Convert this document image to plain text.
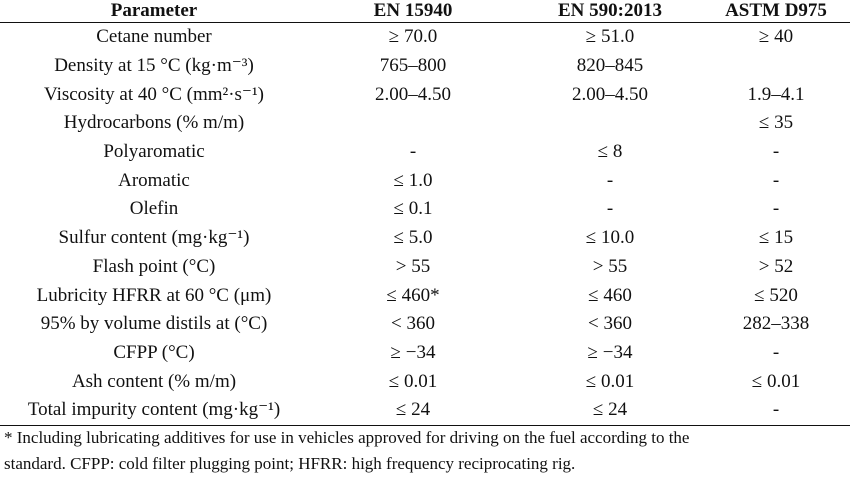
Parameter	EN 15940	EN 590:2013	ASTM D975
Cetane number	≥ 70.0	≥ 51.0	≥ 40
Density at 15 °C (kg·m⁻³)	765–800	820–845	
Viscosity at 40 °C (mm²·s⁻¹)	2.00–4.50	2.00–4.50	1.9–4.1
Hydrocarbons (% m/m)			≤ 35
Polyaromatic	-	≤ 8	-
Aromatic	≤ 1.0	-	-
Olefin	≤ 0.1	-	-
Sulfur content (mg·kg⁻¹)	≤ 5.0	≤ 10.0	≤ 15
Flash point (°C)	> 55	> 55	> 52
Lubricity HFRR at 60 °C (μm)	≤ 460*	≤ 460	≤ 520
95% by volume distils at (°C)	< 360	< 360	282–338
CFPP (°C)	≥ −34	≥ −34	-
Ash content (% m/m)	≤ 0.01	≤ 0.01	≤ 0.01
Total impurity content (mg·kg⁻¹)	≤ 24	≤ 24	-
* Including lubricating additives for use in vehicles approved for driving on the fuel according to the
standard. CFPP: cold filter plugging point; HFRR: high frequency reciprocating rig.
